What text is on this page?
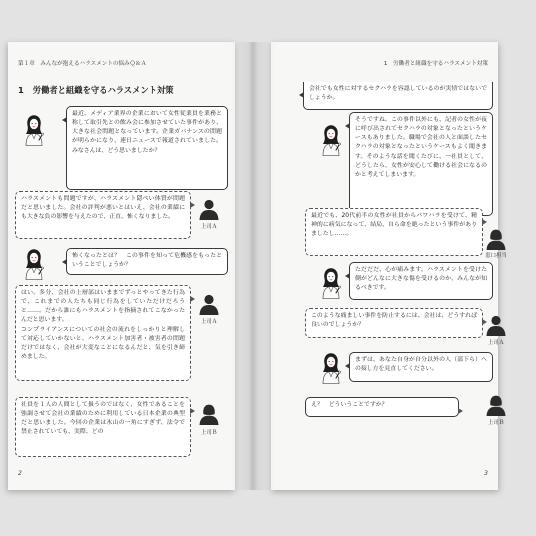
第１章　みんなが抱えるハラスメントの悩みＱ＆Ａ
1 労働者と組織を守るハラスメント対策
最近、メディア業界の企業において女性従業員を業務と称して取引先との飲み会に参加させていた事件があり、大きな社会問題となっています。企業ガバナンスの問題が明らかになり、連日ニュースで報道されていました。みなさんは、どう思いましたか？
ハラスメントも問題ですが、ハラスメント隠ぺい体質が問題だと思いました。会社の評判が悪いとはいえ、会社の業績にも大きな負の影響を与えたので、正直、怖くなりました。
上司Ａ
怖くなったとは？　この事件を知って危機感をもったということでしょうか？
はい。多分、会社の上層部はいままでずっとやってきた行為で、これまでの人たちも同じ行為をしていただけだろうと……。だから誰にもハラスメントを指摘されてこなかったんだと思います。
コンプライアンスについての社会の流れをしっかりと理解して対応していかないと、ハラスメント加害者・被害者の問題だけではなく、会社が大変なことになるんだと、気を引き締めました。
上司Ａ
社員を１人の人間として扱うのではなく、女性であることを強調させて会社の業績のために利用している日本企業の典型だと思いました。今回の企業は氷山の一角にすぎず、法令で禁止されていても、実際、どの	上司Ｂ
2
1　労働者と組織を守るハラスメント対策
会社でも女性に対するセクハラを容認しているのが実情ではないでしょうか。
そうですね。この事件以外にも、記者の女性が夜に呼び出されてセクハラの対象となったというケースもありました。職場で会社の人と面談したセクハラの対象となったというケースもよく聞きます。そのような話を聞くたびに、一社員として、どうしたら、女性が安心して働ける社会になるのかと考えてしまいます。
最近でも、20代前半の女性が社員からパワハラを受けて、精神的に病気になって、結局、自ら命を絶ったという事件がありましたし……。
窓口担当
ただだだ、心が痛みます。ハラスメントを受けた側がどんなに大きな傷を受けるのか、みんなが知るべきです。
このような痛ましい事件を防止するには、会社は、どうすれば良いのでしょうか？
上司Ａ
まずは、あなた自身が自分以外の人（部下ら）への接し方を見直してください。
え？　どういうことですか？
上司Ｂ
3
